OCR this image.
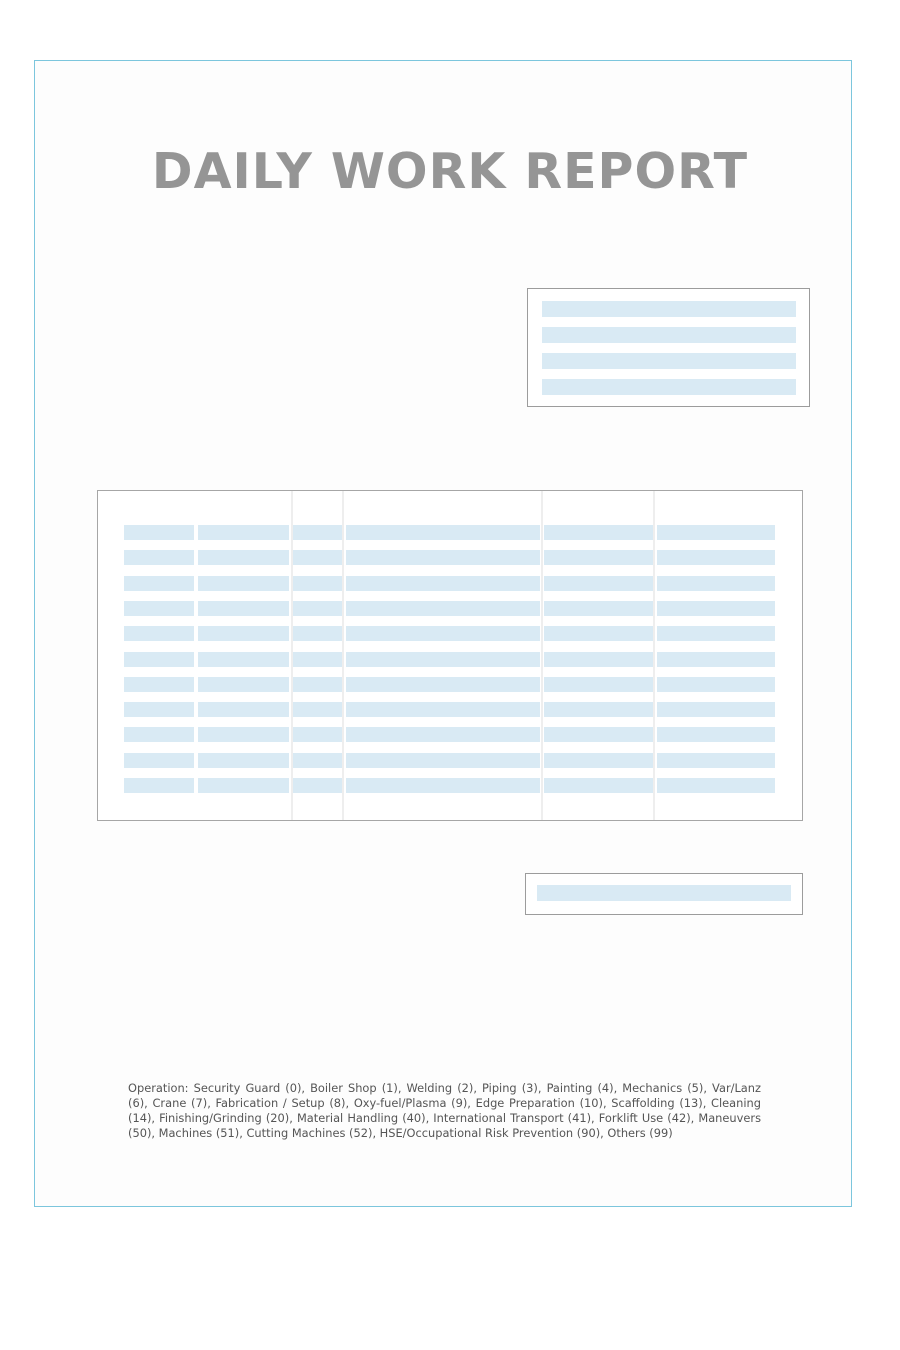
DAILY WORK REPORT

Operation: Security Guard (0), Boiler Shop (1), Welding (2), Piping (3), Painting (4), Mechanics (5), Var/Lanz (6), Crane (7), Fabrication / Setup (8), Oxy-fuel/Plasma (9), Edge Preparation (10), Scaffolding (13), Cleaning (14), Finishing/Grinding (20), Material Handling (40), International Transport (41), Forklift Use (42), Maneuvers (50), Machines (51), Cutting Machines (52), HSE/Occupational Risk Prevention (90), Others (99)
